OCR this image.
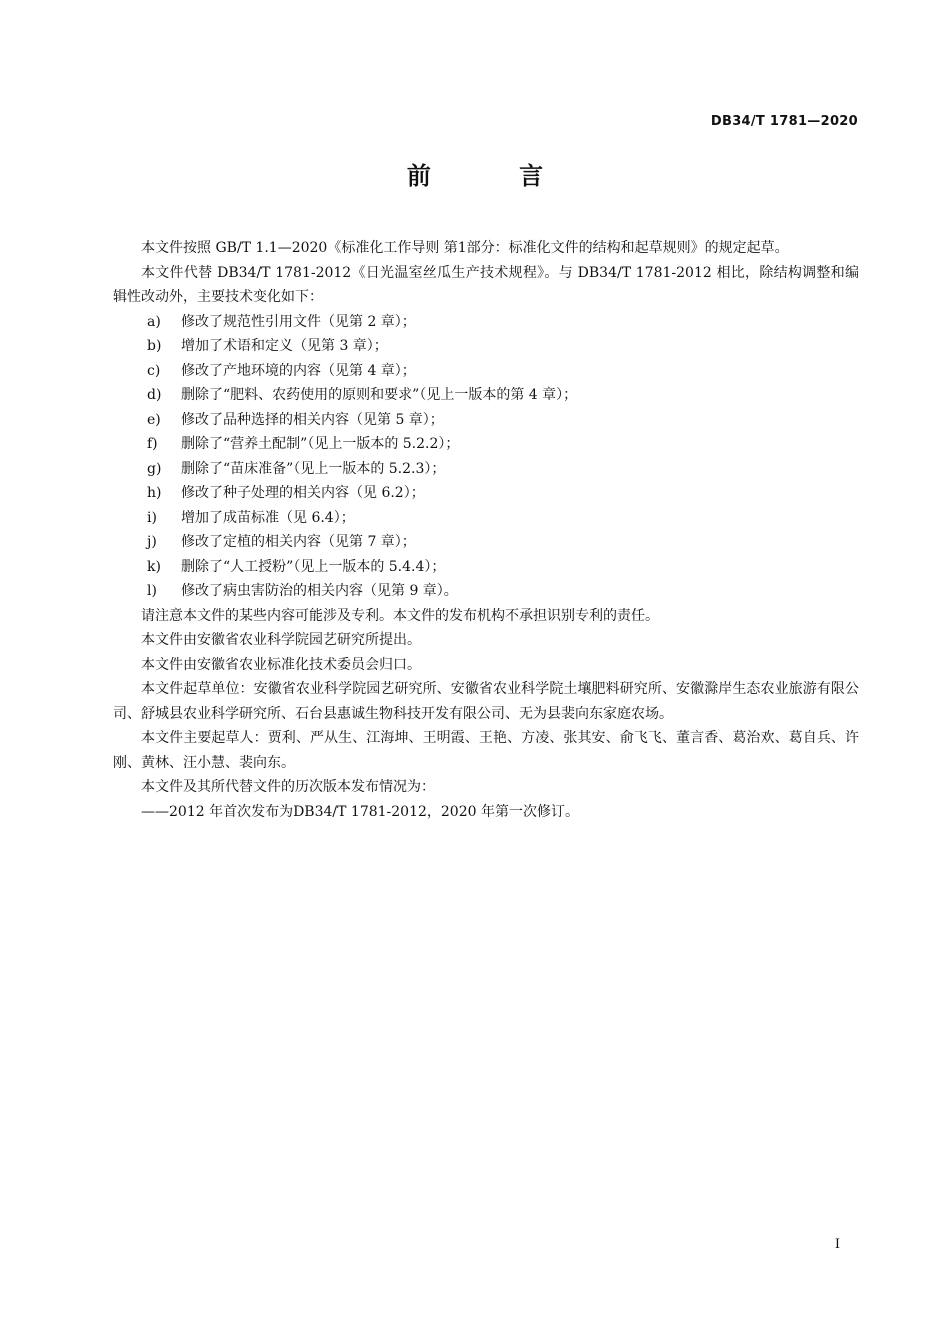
DB34/T 1781—2020
前 言

本文件按照 GB/T 1.1—2020《标准化工作导则 第1部分：标准化文件的结构和起草规则》的规定起草。

本文件代替 DB34/T 1781-2012《日光温室丝瓜生产技术规程》。与 DB34/T 1781-2012 相比，除结构调整和编辑性改动外，主要技术变化如下：

a)	修改了规范性引用文件（见第 2 章）；
b)	增加了术语和定义（见第 3 章）；
c)	修改了产地环境的内容（见第 4 章）；
d)	删除了“肥料、农药使用的原则和要求”（见上一版本的第 4 章）；
e)	修改了品种选择的相关内容（见第 5 章）；
f)	删除了“营养土配制”（见上一版本的 5.2.2）；
g)	删除了“苗床准备”（见上一版本的 5.2.3）；
h)	修改了种子处理的相关内容（见 6.2）；
i)	增加了成苗标准（见 6.4）；
j)	修改了定植的相关内容（见第 7 章）；
k)	删除了“人工授粉”（见上一版本的 5.4.4）；
l)	修改了病虫害防治的相关内容（见第 9 章）。

请注意本文件的某些内容可能涉及专利。本文件的发布机构不承担识别专利的责任。

本文件由安徽省农业科学院园艺研究所提出。

本文件由安徽省农业标准化技术委员会归口。

本文件起草单位：安徽省农业科学院园艺研究所、安徽省农业科学院土壤肥料研究所、安徽滁岸生态农业旅游有限公司、舒城县农业科学研究所、石台县惠诚生物科技开发有限公司、无为县裴向东家庭农场。

本文件主要起草人：贾利、严从生、江海坤、王明霞、王艳、方凌、张其安、俞飞飞、董言香、葛治欢、葛自兵、许刚、黄林、汪小慧、裴向东。

本文件及其所代替文件的历次版本发布情况为：

——2012 年首次发布为DB34/T 1781-2012，2020 年第一次修订。

I
